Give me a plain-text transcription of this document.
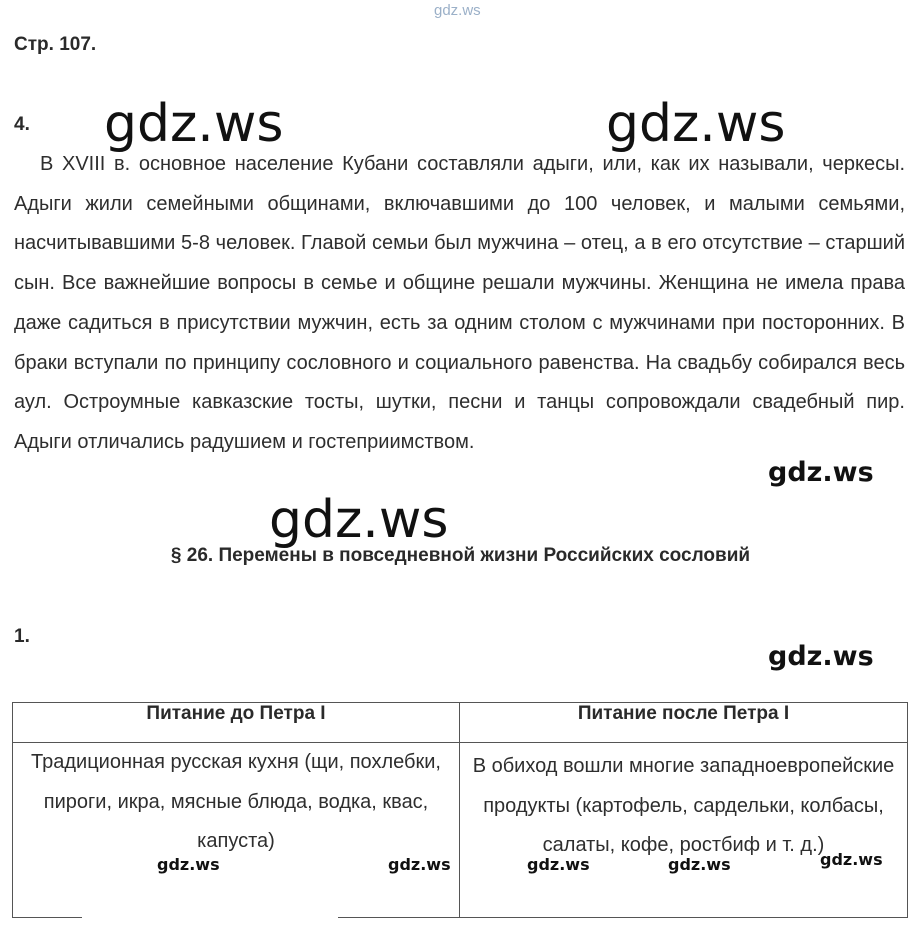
gdz.ws
Стр. 107.
4.

В XVIII в. основное население Кубани составляли адыги, или, как их называли, черкесы. Адыги жили семейными общинами, включавшими до 100 человек, и малыми семьями, насчитывавшими 5-8 человек. Главой семьи был мужчина – отец, а в его отсутствие – старший сын. Все важнейшие вопросы в семье и общине решали мужчины. Женщина не имела права даже садиться в присутствии мужчин, есть за одним столом с мужчинами при посторонних. В браки вступали по принципу сословного и социального равенства. На свадьбу собирался весь аул. Остроумные кавказские тосты, шутки, песни и танцы сопровождали свадебный пир. Адыги отличались радушием и гостеприимством.

§ 26. Перемены в повседневной жизни Российских сословий
1.
Питание до Петра I	Питание после Петра I
Традиционная русская кухня (щи, похлебки, пироги, икра, мясные блюда, водка, квас, капуста)	В обиход вошли многие западноевропейские продукты (картофель, сардельки, колбасы, салаты, кофе, ростбиф и т. д.)
gdz.ws	gdz.ws
gdz.ws
gdz.ws
gdz.ws
gdz.ws	gdz.ws	gdz.ws	gdz.ws	gdz.ws
